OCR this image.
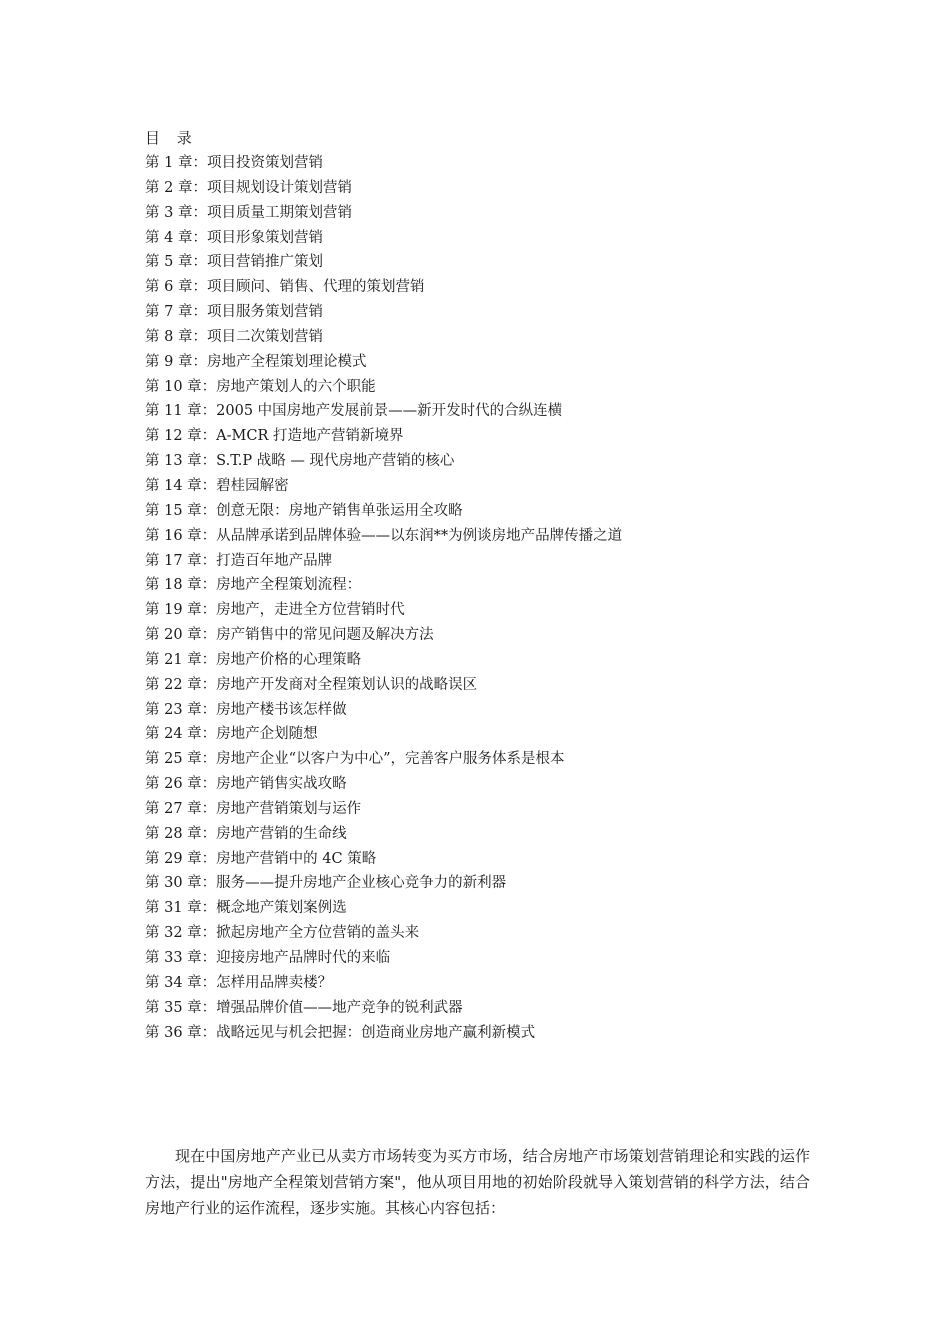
目 录
第 1 章：项目投资策划营销
第 2 章：项目规划设计策划营销
第 3 章：项目质量工期策划营销
第 4 章：项目形象策划营销
第 5 章：项目营销推广策划
第 6 章：项目顾问、销售、代理的策划营销
第 7 章：项目服务策划营销
第 8 章：项目二次策划营销
第 9 章：房地产全程策划理论模式
第 10 章：房地产策划人的六个职能
第 11 章：2005 中国房地产发展前景——新开发时代的合纵连横
第 12 章：A-MCR 打造地产营销新境界
第 13 章：S.T.P 战略 — 现代房地产营销的核心
第 14 章：碧桂园解密
第 15 章：创意无限：房地产销售单张运用全攻略
第 16 章：从品牌承诺到品牌体验——以东润**为例谈房地产品牌传播之道
第 17 章：打造百年地产品牌
第 18 章：房地产全程策划流程：
第 19 章：房地产，走进全方位营销时代
第 20 章：房产销售中的常见问题及解决方法
第 21 章：房地产价格的心理策略
第 22 章：房地产开发商对全程策划认识的战略误区
第 23 章：房地产楼书该怎样做
第 24 章：房地产企划随想
第 25 章：房地产企业“以客户为中心”，完善客户服务体系是根本
第 26 章：房地产销售实战攻略
第 27 章：房地产营销策划与运作
第 28 章：房地产营销的生命线
第 29 章：房地产营销中的 4C 策略
第 30 章：服务——提升房地产企业核心竞争力的新利器
第 31 章：概念地产策划案例选
第 32 章：掀起房地产全方位营销的盖头来
第 33 章：迎接房地产品牌时代的来临
第 34 章：怎样用品牌卖楼？
第 35 章：增强品牌价值——地产竞争的锐利武器
第 36 章：战略远见与机会把握：创造商业房地产赢利新模式

现在中国房地产产业已从卖方市场转变为买方市场，结合房地产市场策划营销理论和实践的运作方法，提出"房地产全程策划营销方案"，他从项目用地的初始阶段就导入策划营销的科学方法，结合房地产行业的运作流程，逐步实施。其核心内容包括：
